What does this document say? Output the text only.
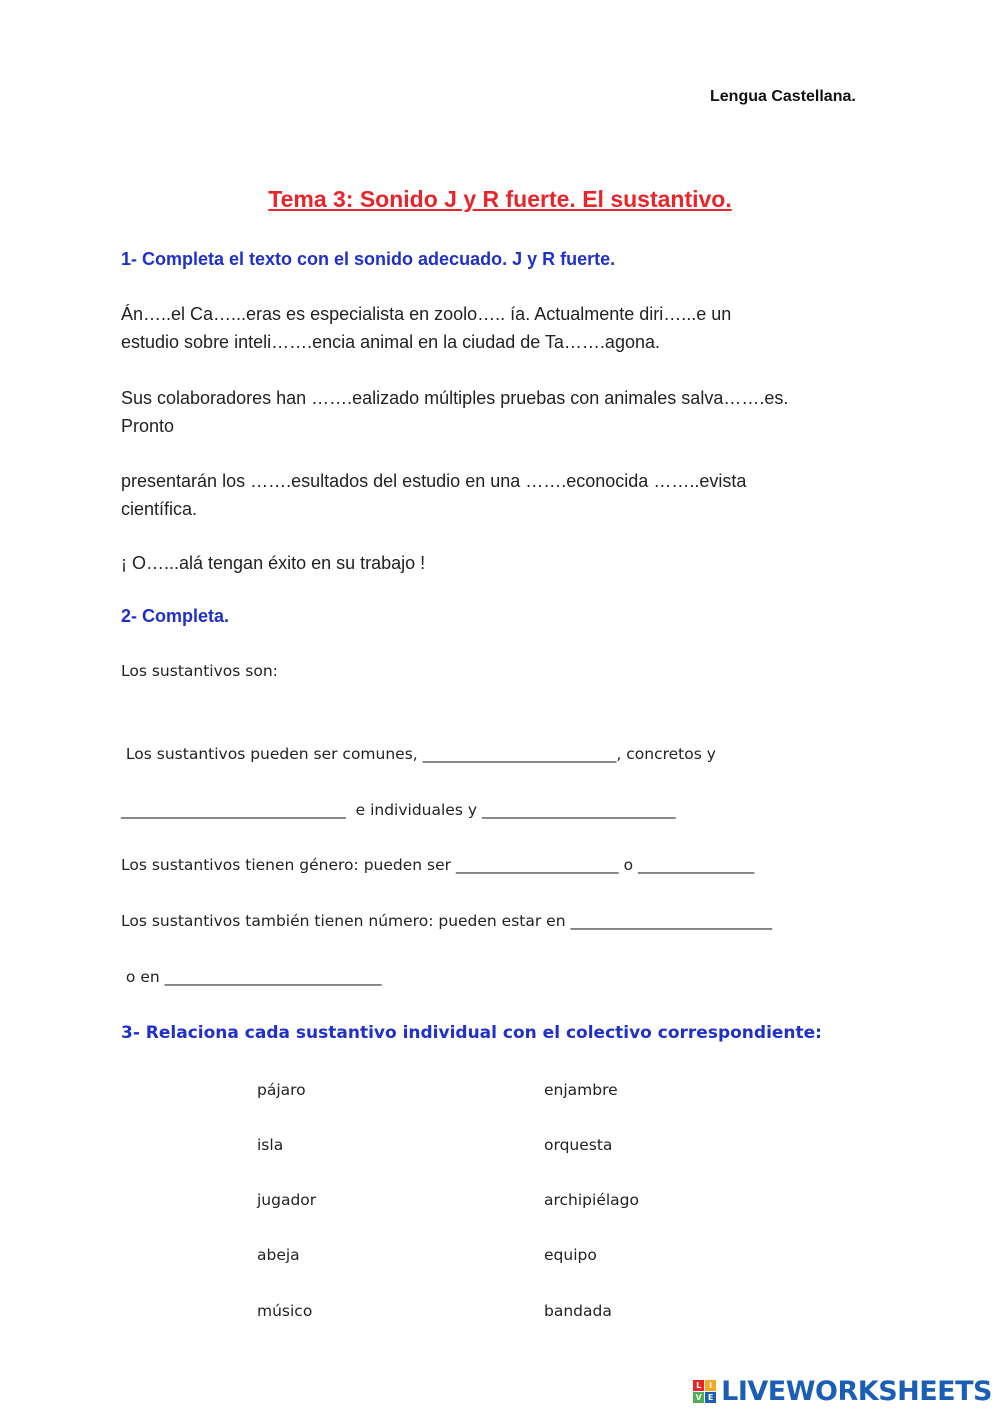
Lengua Castellana.
Tema 3: Sonido J y R fuerte. El sustantivo.
1- Completa el texto con el sonido adecuado. J y R fuerte.
Án…..el Ca…...eras es especialista en zoolo….. ía. Actualmente diri…...e un
estudio sobre inteli…….encia animal en la ciudad de Ta…….agona.
Sus colaboradores han …….ealizado múltiples pruebas con animales salva…….es.
Pronto
presentarán los …….esultados del estudio en una …….econocida ……..evista
científica.
¡ O…...alá tengan éxito en su trabajo !
2- Completa.
Los sustantivos son:
Los sustantivos pueden ser comunes, _________________________, concretos y
_____________________________  e individuales y _________________________
Los sustantivos tienen género: pueden ser _____________________ o _______________
Los sustantivos también tienen número: pueden estar en __________________________
o en ____________________________
3- Relaciona cada sustantivo individual con el colectivo correspondiente:
pájaro
isla
jugador
abeja
músico
enjambre
orquesta
archipiélago
equipo
bandada
L I
V E LIVEWORKSHEETS
